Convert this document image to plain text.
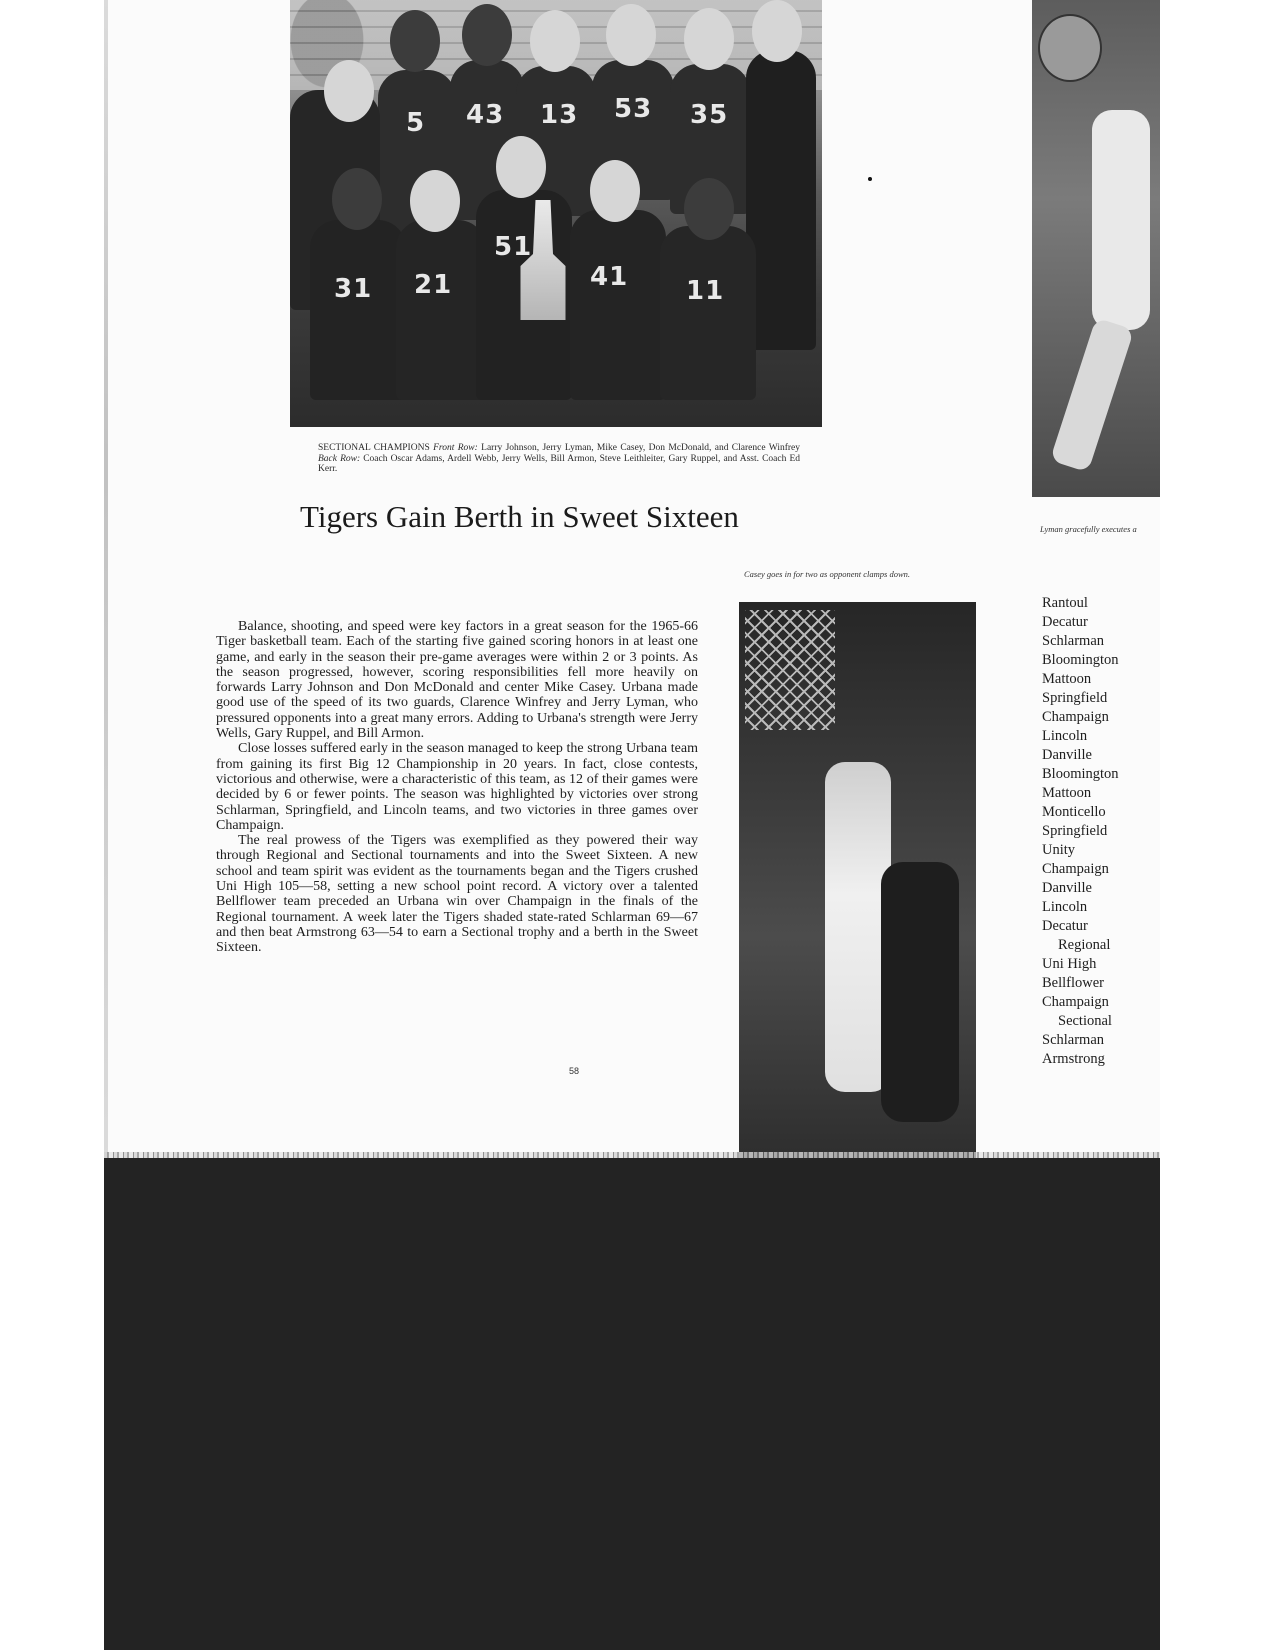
5 43 13 53 35
31 21
51
41 11
SECTIONAL CHAMPIONS Front Row: Larry Johnson, Jerry Lyman, Mike Casey, Don McDonald, and Clarence Winfrey Back Row: Coach Oscar Adams, Ardell Webb, Jerry Wells, Bill Armon, Steve Leithleiter, Gary Ruppel, and Asst. Coach Ed Kerr.
Tigers Gain Berth in Sweet Sixteen	Lyman gracefully executes a
Casey goes in for two as opponent clamps down.

Balance, shooting, and speed were key factors in a great season for the 1965-66 Tiger basketball team. Each of the starting five gained scoring honors in at least one game, and early in the season their pre-game averages were within 2 or 3 points. As the season progressed, however, scoring responsibilities fell more heavily on forwards Larry Johnson and Don McDonald and center Mike Casey. Urbana made good use of the speed of its two guards, Clarence Winfrey and Jerry Lyman, who pressured opponents into a great many errors. Adding to Urbana's strength were Jerry Wells, Gary Ruppel, and Bill Armon.

Close losses suffered early in the season managed to keep the strong Urbana team from gaining its first Big 12 Championship in 20 years. In fact, close contests, victorious and otherwise, were a characteristic of this team, as 12 of their games were decided by 6 or fewer points. The season was highlighted by victories over strong Schlarman, Springfield, and Lincoln teams, and two victories in three games over Champaign.

The real prowess of the Tigers was exemplified as they powered their way through Regional and Sectional tournaments and into the Sweet Sixteen. A new school and team spirit was evident as the tournaments began and the Tigers crushed Uni High 105—58, setting a new school point record. A victory over a talented Bellflower team preceded an Urbana win over Champaign in the finals of the Regional tournament. A week later the Tigers shaded state-rated Schlarman 69—67 and then beat Armstrong 63—54 to earn a Sectional trophy and a berth in the Sweet Sixteen.

58
Rantoul
Decatur
Schlarman
Bloomington
Mattoon
Springfield
Champaign
Lincoln
Danville
Bloomington
Mattoon
Monticello
Springfield
Unity
Champaign
Danville
Lincoln
Decatur
Regional
Uni High
Bellflower
Champaign
Sectional
Schlarman
Armstrong
